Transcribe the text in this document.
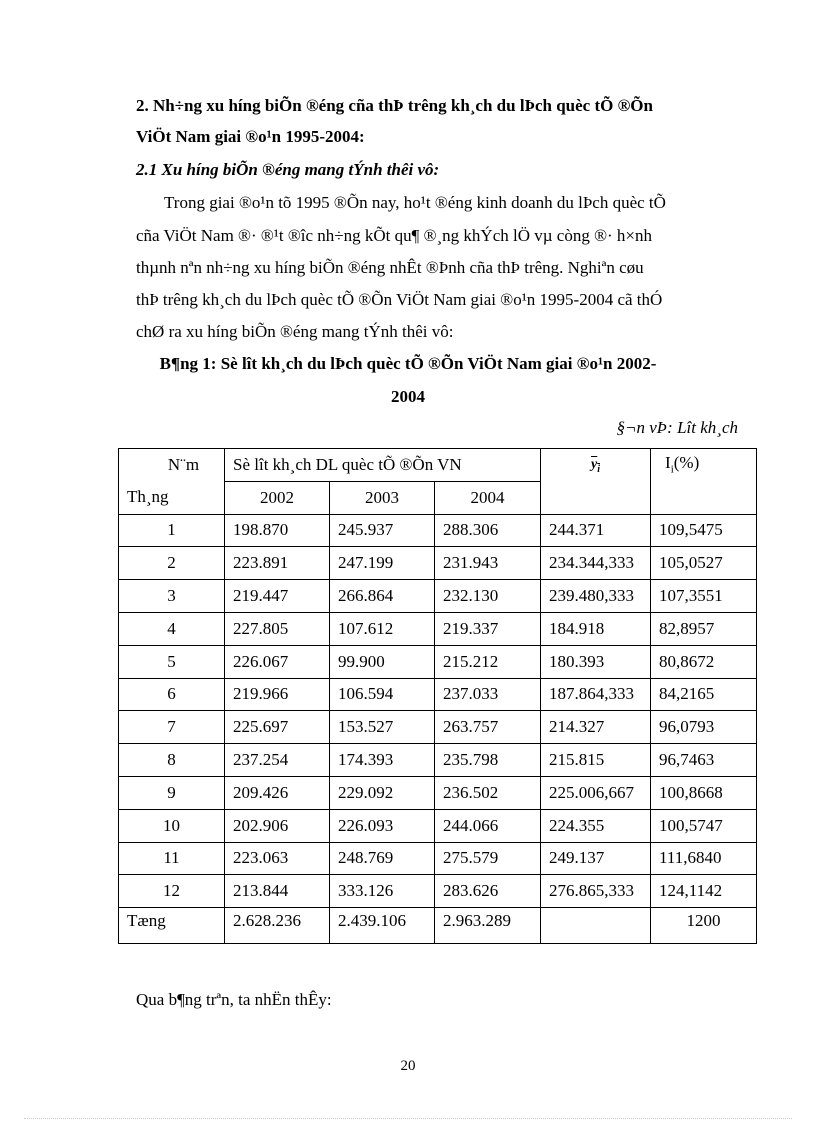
2. Nh÷ng xu híng biÕn ®éng cña thÞ trêng kh¸ch du lÞch quèc tÕ ®Õn
ViÖt Nam giai ®o¹n 1995-2004:
2.1 Xu híng biÕn ®éng mang tÝnh thêi vô:
Trong giai ®o¹n tõ 1995 ®Õn nay, ho¹t ®éng kinh doanh du lÞch quèc tÕ
cña ViÖt Nam ®· ®¹t ®îc nh÷ng kÕt qu¶ ®¸ng khÝch lÖ vµ còng ®· h×nh
thµnh nªn nh÷ng xu híng biÕn ®éng nhÊt ®Þnh cña thÞ trêng. Nghiªn cøu
thÞ trêng kh¸ch du lÞch quèc tÕ ®Õn ViÖt Nam giai ®o¹n 1995-2004 cã thÓ
chØ ra xu híng biÕn ®éng mang tÝnh thêi vô:
B¶ng 1: Sè lît kh¸ch du lÞch quèc tÕ ®Õn ViÖt Nam giai ®o¹n 2002-
2004
§¬n vÞ: Lît kh¸ch
N¨m	Sè lît kh¸ch DL quèc tÕ ®Õn VN			$y_i$	$I_i(\%)$
Th¸ng	2002	2003	2004		
1	198.870	245.937	288.306	244.371	109,5475
2	223.891	247.199	231.943	234.344,333	105,0527
3	219.447	266.864	232.130	239.480,333	107,3551
4	227.805	107.612	219.337	184.918	82,8957
5	226.067	99.900	215.212	180.393	80,8672
6	219.966	106.594	237.033	187.864,333	84,2165
7	225.697	153.527	263.757	214.327	96,0793
8	237.254	174.393	235.798	215.815	96,7463
9	209.426	229.092	236.502	225.006,667	100,8668
10	202.906	226.093	244.066	224.355	100,5747
11	223.063	248.769	275.579	249.137	111,6840
12	213.844	333.126	283.626	276.865,333	124,1142
Tæng	2.628.236	2.439.106	2.963.289		1200
Qua b¶ng trªn, ta nhËn thÊy:
20
